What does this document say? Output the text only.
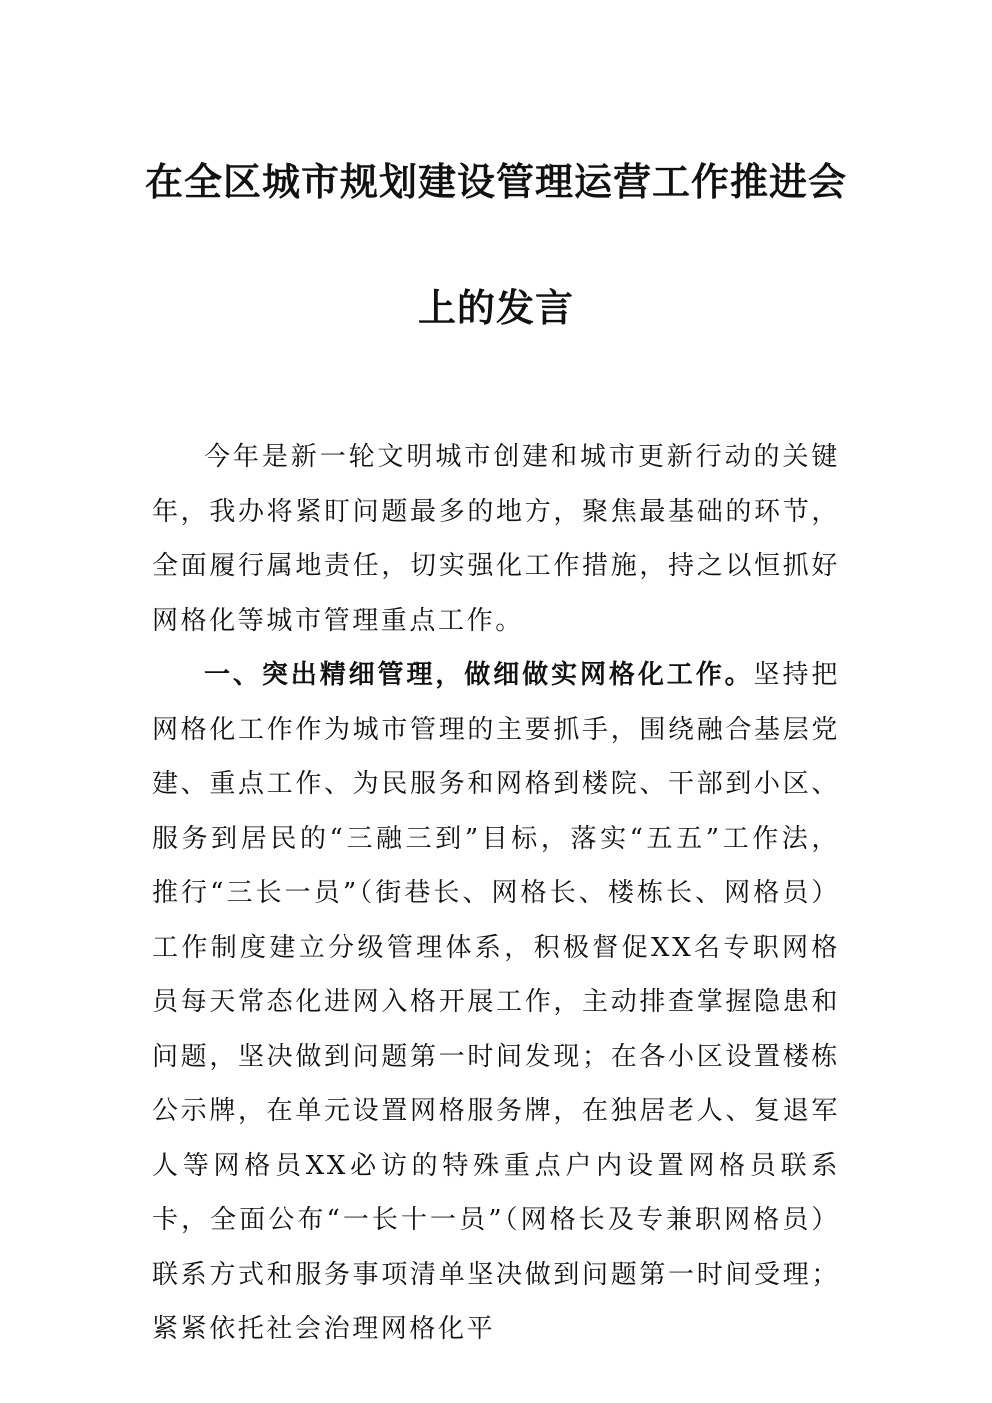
在全区城市规划建设管理运营工作推进会
上的发言

今年是新一轮文明城市创建和城市更新行动的关键年，我办将紧盯问题最多的地方，聚焦最基础的环节，全面履行属地责任，切实强化工作措施，持之以恒抓好网格化等城市管理重点工作。

一、突出精细管理，做细做实网格化工作。坚持把网格化工作作为城市管理的主要抓手，围绕融合基层党建、重点工作、为民服务和网格到楼院、干部到小区、服务到居民的“三融三到”目标，落实“五五”工作法，推行“三长一员”（街巷长、网格长、楼栋长、网格员）工作制度建立分级管理体系，积极督促XX名专职网格员每天常态化进网入格开展工作，主动排查掌握隐患和问题，坚决做到问题第一时间发现；在各小区设置楼栋公示牌，在单元设置网格服务牌，在独居老人、复退军人等网格员XX必访的特殊重点户内设置网格员联系卡，全面公布“一长十一员”（网格长及专兼职网格员）联系方式和服务事项清单坚决做到问题第一时间受理；紧紧依托社会治理网格化平
